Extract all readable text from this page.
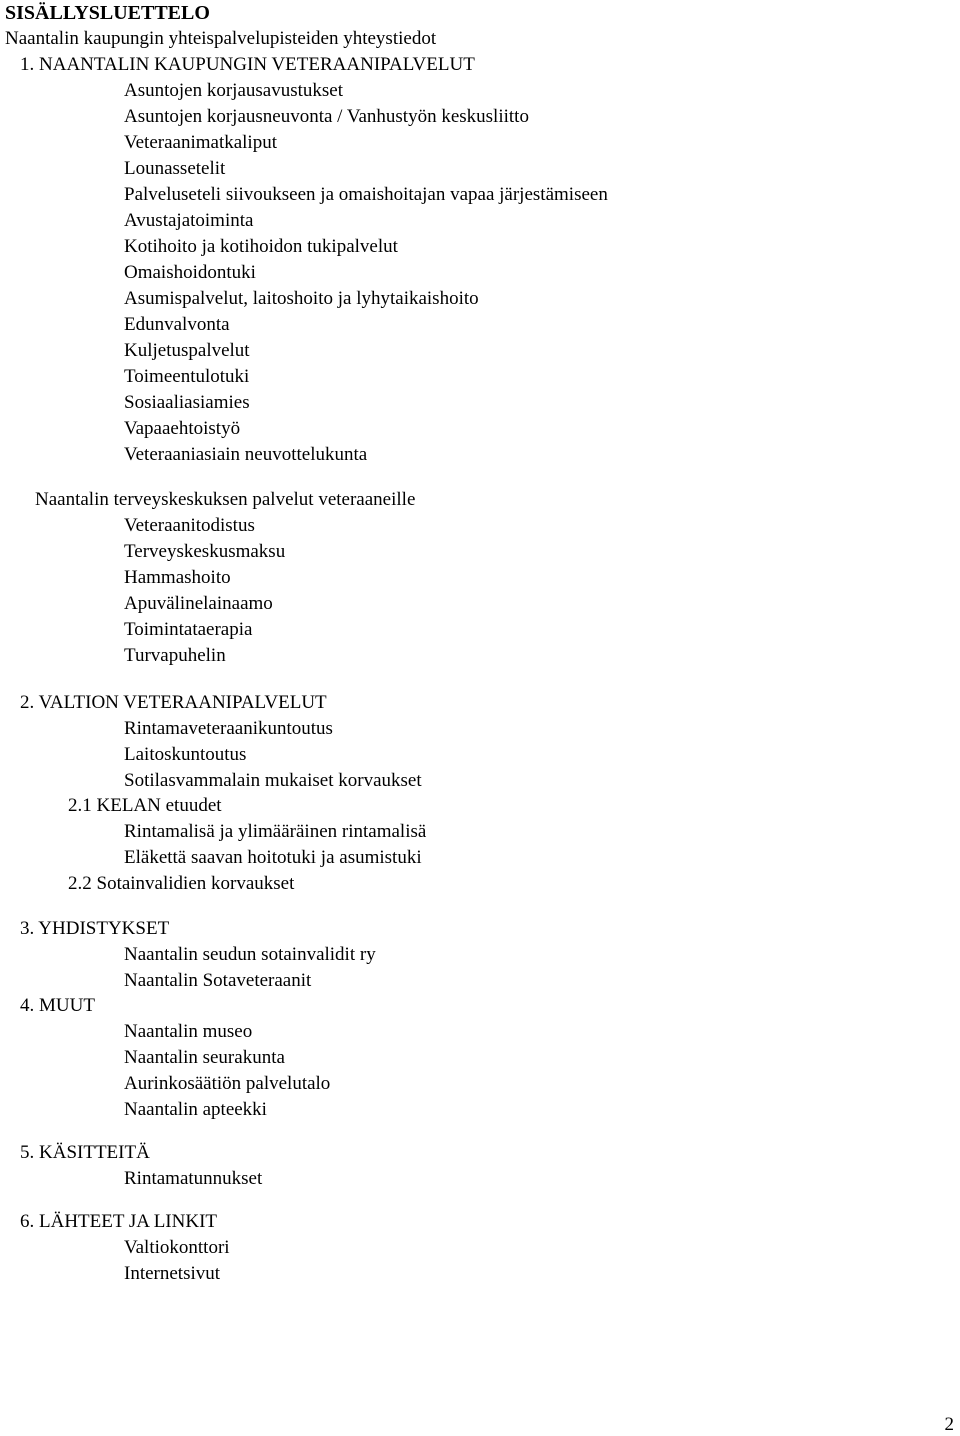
SISÄLLYSLUETTELO
Naantalin kaupungin yhteispalvelupisteiden yhteystiedot
1. NAANTALIN KAUPUNGIN VETERAANIPALVELUT
Asuntojen korjausavustukset
Asuntojen korjausneuvonta / Vanhustyön keskusliitto
Veteraanimatkaliput
Lounassetelit
Palveluseteli siivoukseen ja omaishoitajan vapaa järjestämiseen
Avustajatoiminta
Kotihoito ja kotihoidon tukipalvelut
Omaishoidontuki
Asumispalvelut, laitoshoito ja lyhytaikaishoito
Edunvalvonta
Kuljetuspalvelut
Toimeentulotuki
Sosiaaliasiamies
Vapaaehtoistyö
Veteraaniasiain neuvottelukunta
Naantalin terveyskeskuksen palvelut veteraaneille
Veteraanitodistus
Terveyskeskusmaksu
Hammashoito
Apuvälinelainaamo
Toimintataerapia
Turvapuhelin
2. VALTION VETERAANIPALVELUT
Rintamaveteraanikuntoutus
Laitoskuntoutus
Sotilasvammalain mukaiset korvaukset
2.1 KELAN etuudet
Rintamalisä ja ylimääräinen rintamalisä
Eläkettä saavan hoitotuki ja asumistuki
2.2 Sotainvalidien korvaukset
3. YHDISTYKSET
Naantalin seudun sotainvalidit ry
Naantalin Sotaveteraanit
4. MUUT
Naantalin museo
Naantalin seurakunta
Aurinkosäätiön palvelutalo
Naantalin apteekki
5. KÄSITTEITÄ
Rintamatunnukset
6. LÄHTEET JA LINKIT
Valtiokonttori
Internetsivut
2
